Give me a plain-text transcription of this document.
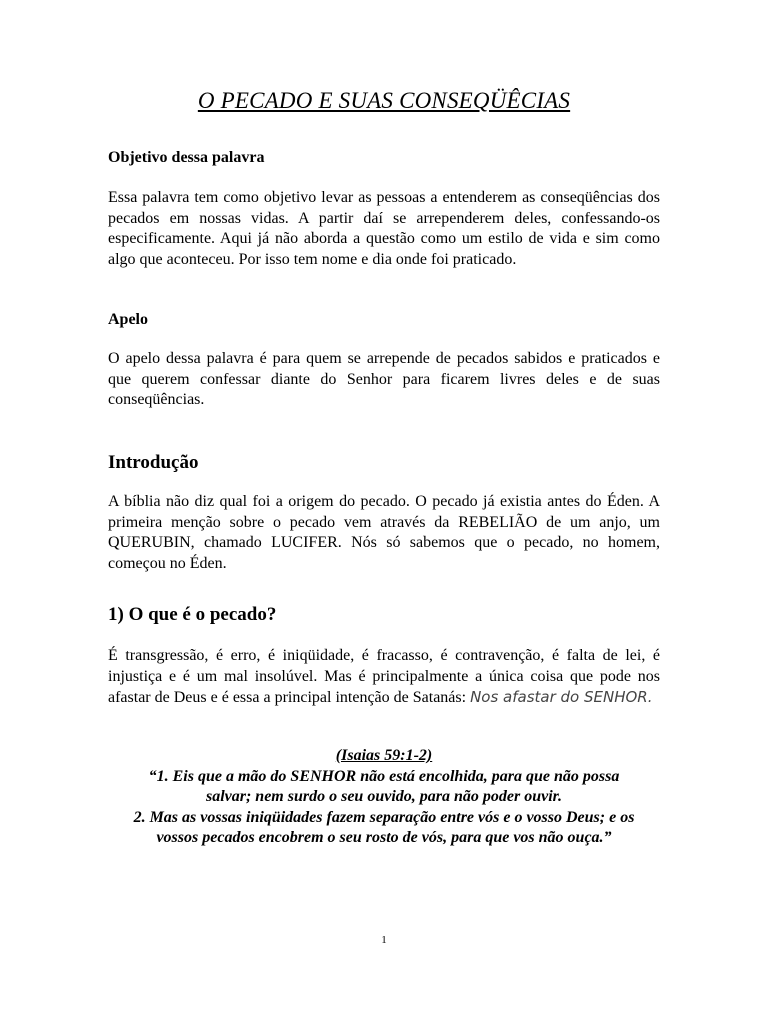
O PECADO E SUAS CONSEQÜÊCIAS
Objetivo dessa palavra

Essa palavra tem como objetivo levar as pessoas a entenderem as conseqüências dos pecados em nossas vidas. A partir daí se arrependerem deles, confessando-os especificamente. Aqui já não aborda a questão como um estilo de vida e sim como algo que aconteceu. Por isso tem nome e dia onde foi praticado.

Apelo

O apelo dessa palavra é para quem se arrepende de pecados sabidos e praticados e que querem confessar diante do Senhor para ficarem livres deles e de suas conseqüências.

Introdução

A bíblia não diz qual foi a origem do pecado. O pecado já existia antes do Éden. A primeira menção sobre o pecado vem através da REBELIÃO de um anjo, um QUERUBIN, chamado LUCIFER. Nós só sabemos que o pecado, no homem, começou no Éden.

1) O que é o pecado?

É transgressão, é erro, é iniqüidade, é fracasso, é contravenção, é falta de lei, é injustiça e é um mal insolúvel. Mas é principalmente a única coisa que pode nos afastar de Deus e é essa a principal intenção de Satanás: Nos afastar do SENHOR.

(Isaias 59:1-2)
“1. Eis que a mão do SENHOR não está encolhida, para que não possa
salvar; nem surdo o seu ouvido, para não poder ouvir.
2. Mas as vossas iniqüidades fazem separação entre vós e o vosso Deus; e os
vossos pecados encobrem o seu rosto de vós, para que vos não ouça.”
1
